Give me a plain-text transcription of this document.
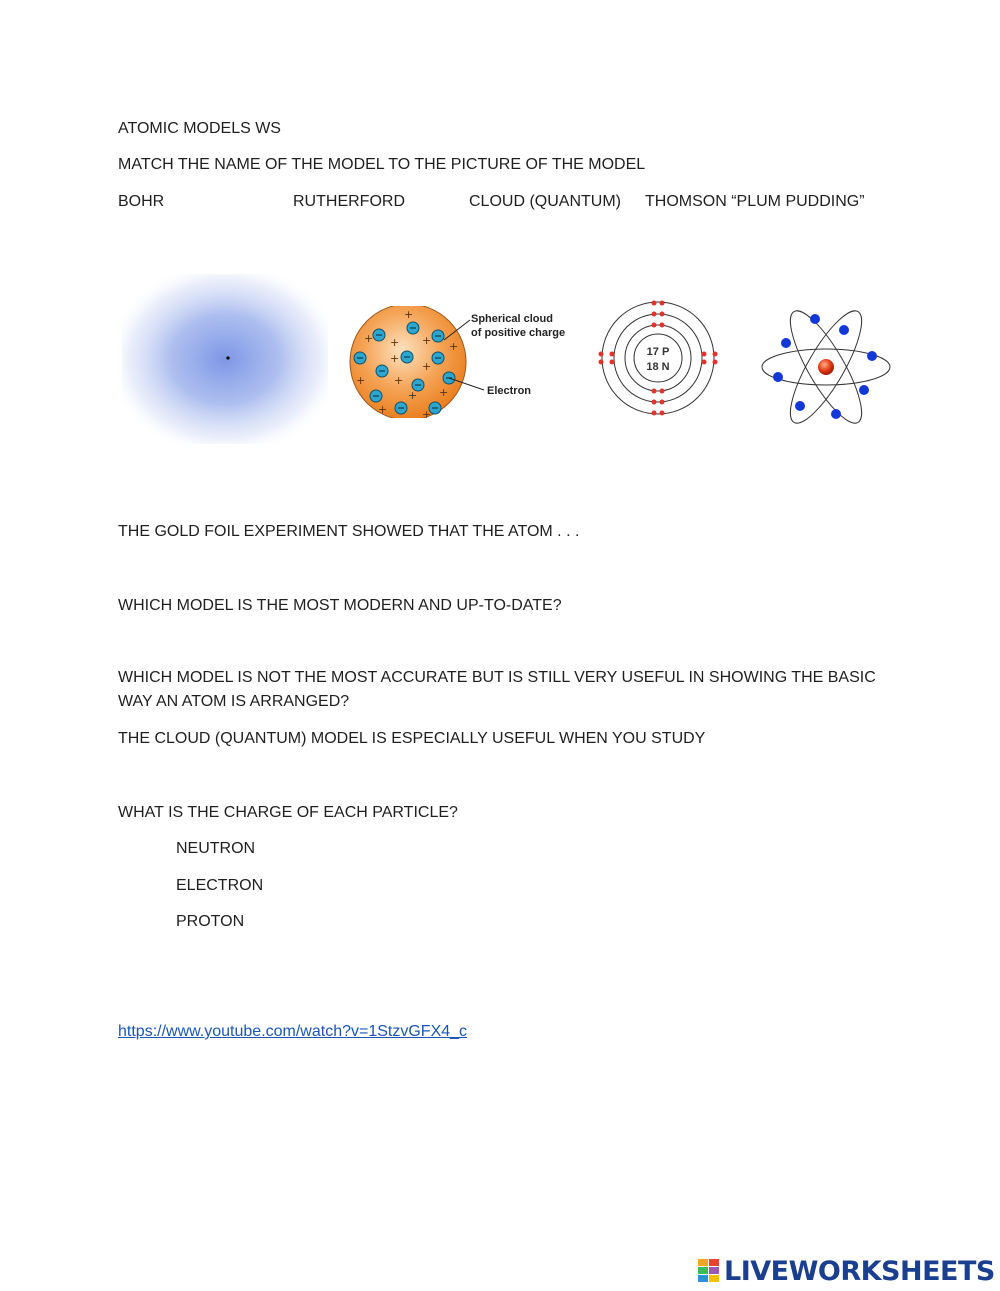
ATOMIC MODELS WS
MATCH THE NAME OF THE MODEL TO THE PICTURE OF THE MODEL
BOHR	RUTHERFORD	CLOUD (QUANTUM) THOMSON “PLUM PUDDING”
+
+ + + +
+
+
+
+
+
+
+	+
Spherical cloud
of positive charge
Electron
17 P
18 N
THE GOLD FOIL EXPERIMENT SHOWED THAT THE ATOM . . .
WHICH MODEL IS THE MOST MODERN AND UP-TO-DATE?
WHICH MODEL IS NOT THE MOST ACCURATE BUT IS STILL VERY USEFUL IN SHOWING THE BASIC WAY AN ATOM IS ARRANGED?
THE CLOUD (QUANTUM) MODEL IS ESPECIALLY USEFUL WHEN YOU STUDY
WHAT IS THE CHARGE OF EACH PARTICLE?
NEUTRON
ELECTRON
PROTON
https://www.youtube.com/watch?v=1StzvGFX4_c
LIVEWORKSHEETS
